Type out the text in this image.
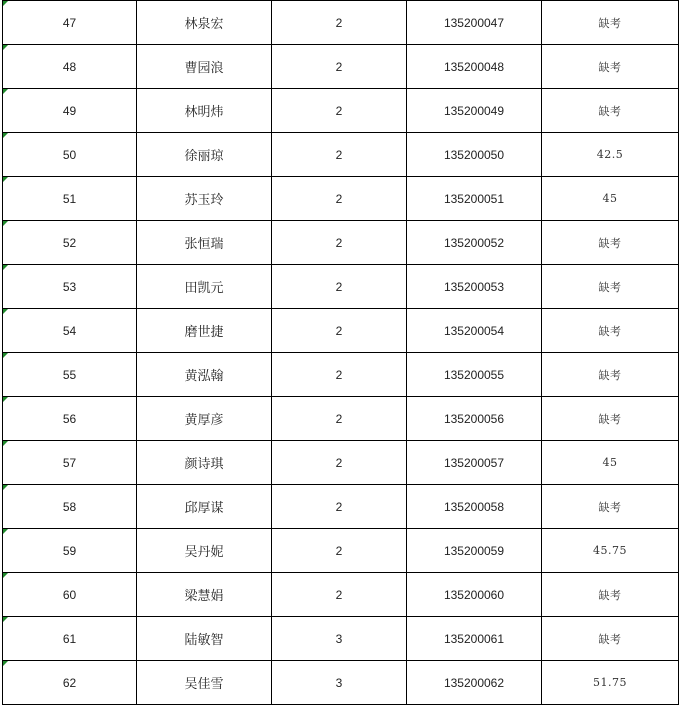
47	林泉宏	2	135200047	缺考

48	曹园浪	2	135200048	缺考

49	林明炜	2	135200049	缺考

50	徐丽琼	2	135200050	42.5

51	苏玉玲	2	135200051	45

52	张恒瑞	2	135200052	缺考

53	田凯元	2	135200053	缺考

54	磨世捷	2	135200054	缺考

55	黄泓翰	2	135200055	缺考

56	黄厚彦	2	135200056	缺考

57	颜诗琪	2	135200057	45

58	邱厚谋	2	135200058	缺考

59	吴丹妮	2	135200059	45.75

60	梁慧娟	2	135200060	缺考

61	陆敏智	3	135200061	缺考

62	吴佳雪	3	135200062	51.75
